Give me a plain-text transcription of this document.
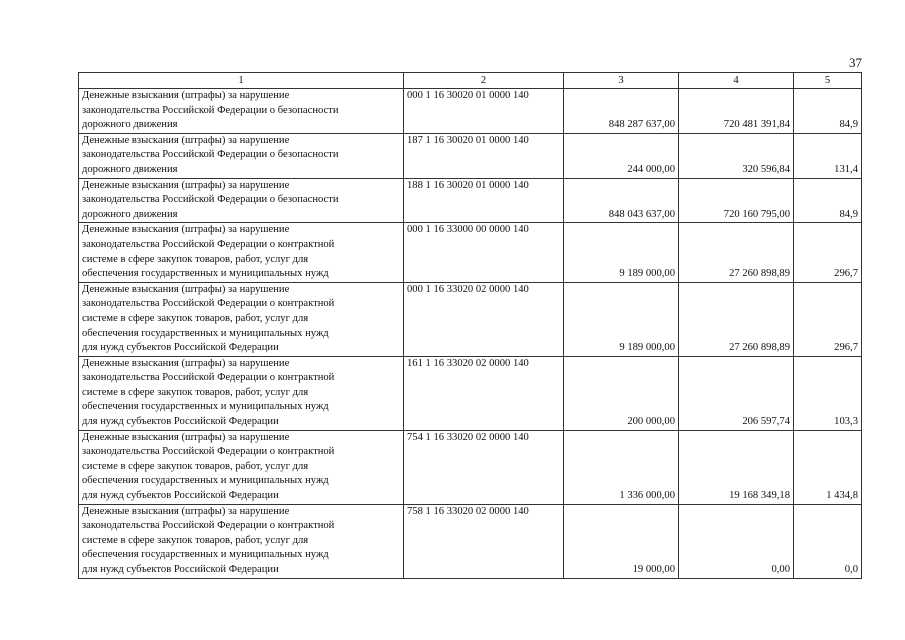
37
1	2	3	4	5

Денежные взыскания (штрафы) за нарушение
законодательства Российской Федерации о безопасности
дорожного движения	000 1 16 30020 01 0000 140	848 287 637,00	720 481 391,84	84,9

Денежные взыскания (штрафы) за нарушение
законодательства Российской Федерации о безопасности
дорожного движения	187 1 16 30020 01 0000 140	244 000,00	320 596,84	131,4

Денежные взыскания (штрафы) за нарушение
законодательства Российской Федерации о безопасности
дорожного движения	188 1 16 30020 01 0000 140	848 043 637,00	720 160 795,00	84,9

Денежные взыскания (штрафы) за нарушение
законодательства Российской Федерации о контрактной
системе в сфере закупок товаров, работ, услуг для
обеспечения государственных и муниципальных нужд	000 1 16 33000 00 0000 140	9 189 000,00	27 260 898,89	296,7

Денежные взыскания (штрафы) за нарушение
законодательства Российской Федерации о контрактной
системе в сфере закупок товаров, работ, услуг для
обеспечения государственных и муниципальных нужд
для нужд субъектов Российской Федерации	000 1 16 33020 02 0000 140	9 189 000,00	27 260 898,89	296,7

Денежные взыскания (штрафы) за нарушение
законодательства Российской Федерации о контрактной
системе в сфере закупок товаров, работ, услуг для
обеспечения государственных и муниципальных нужд
для нужд субъектов Российской Федерации	161 1 16 33020 02 0000 140	200 000,00	206 597,74	103,3

Денежные взыскания (штрафы) за нарушение
законодательства Российской Федерации о контрактной
системе в сфере закупок товаров, работ, услуг для
обеспечения государственных и муниципальных нужд
для нужд субъектов Российской Федерации	754 1 16 33020 02 0000 140	1 336 000,00	19 168 349,18	1 434,8

Денежные взыскания (штрафы) за нарушение
законодательства Российской Федерации о контрактной
системе в сфере закупок товаров, работ, услуг для
обеспечения государственных и муниципальных нужд
для нужд субъектов Российской Федерации	758 1 16 33020 02 0000 140	19 000,00	0,00	0,0
